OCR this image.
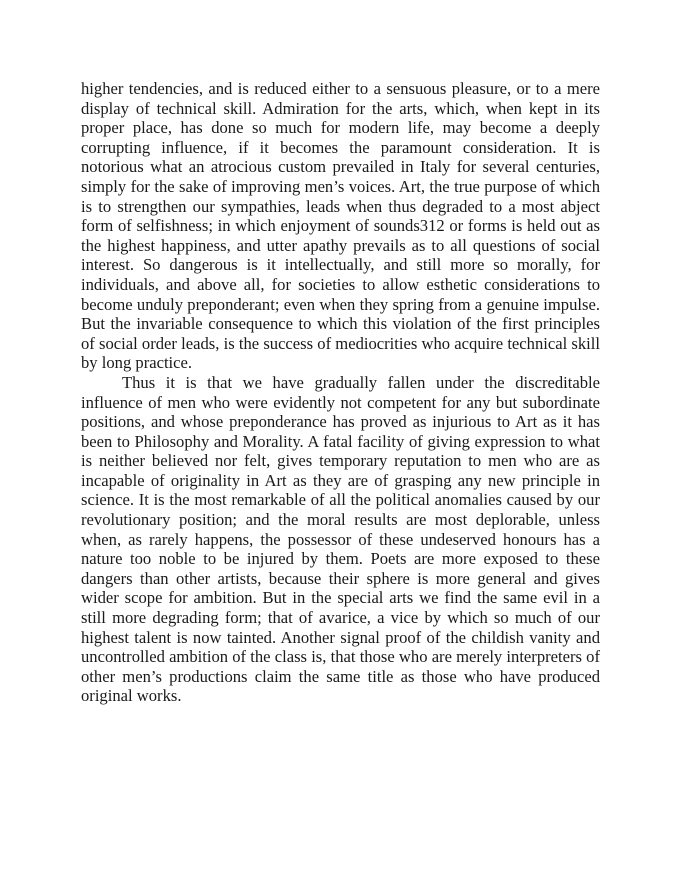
higher tendencies, and is reduced either to a sensuous pleasure, or to a mere display of technical skill. Admiration for the arts, which, when kept in its proper place, has done so much for modern life, may become a deeply corrupting influence, if it becomes the paramount consideration. It is notorious what an atrocious custom prevailed in Italy for several centuries, simply for the sake of improving men’s voices. Art, the true purpose of which is to strengthen our sympathies, leads when thus degraded to a most abject form of selfishness; in which enjoyment of sounds312 or forms is held out as the highest happiness, and utter apathy prevails as to all questions of social interest. So dangerous is it intellectually, and still more so morally, for individuals, and above all, for societies to allow esthetic considerations to become unduly preponderant; even when they spring from a genuine impulse. But the invariable consequence to which this violation of the first principles of social order leads, is the success of mediocrities who acquire technical skill by long practice.

Thus it is that we have gradually fallen under the discreditable influence of men who were evidently not competent for any but subordinate positions, and whose preponderance has proved as injurious to Art as it has been to Philosophy and Morality. A fatal facility of giving expression to what is neither believed nor felt, gives temporary reputation to men who are as incapable of originality in Art as they are of grasping any new principle in science. It is the most remarkable of all the political anomalies caused by our revolutionary position; and the moral results are most deplorable, unless when, as rarely happens, the possessor of these undeserved honours has a nature too noble to be injured by them. Poets are more exposed to these dangers than other artists, because their sphere is more general and gives wider scope for ambition. But in the special arts we find the same evil in a still more degrading form; that of avarice, a vice by which so much of our highest talent is now tainted. Another signal proof of the childish vanity and uncontrolled ambition of the class is, that those who are merely interpreters of other men’s productions claim the same title as those who have produced original works.
